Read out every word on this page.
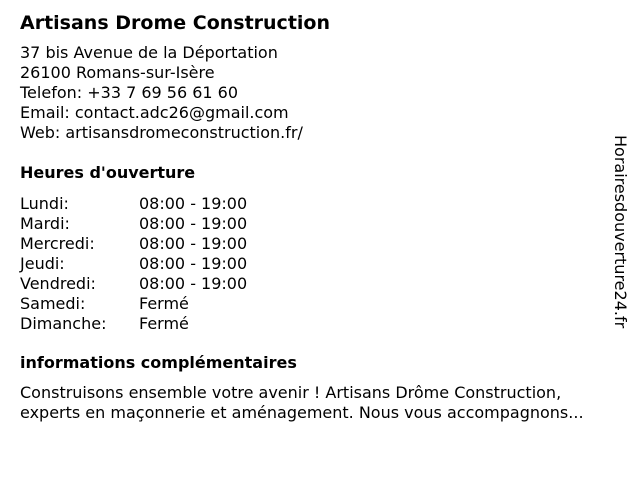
Artisans Drome Construction
37 bis Avenue de la Déportation
26100 Romans-sur-Isère
Telefon: +33 7 69 56 61 60
Email: contact.adc26@gmail.com
Web: artisansdromeconstruction.fr/
Heures d'ouverture
Lundi:	08:00 - 19:00
Mardi:	08:00 - 19:00
Mercredi:	08:00 - 19:00
Jeudi:	08:00 - 19:00
Vendredi:	08:00 - 19:00
Samedi:	Fermé
Dimanche:	Fermé
informations complémentaires
Construisons ensemble votre avenir ! Artisans Drôme Construction,
experts en maçonnerie et aménagement. Nous vous accompagnons...
Horairesdouverture24.fr
